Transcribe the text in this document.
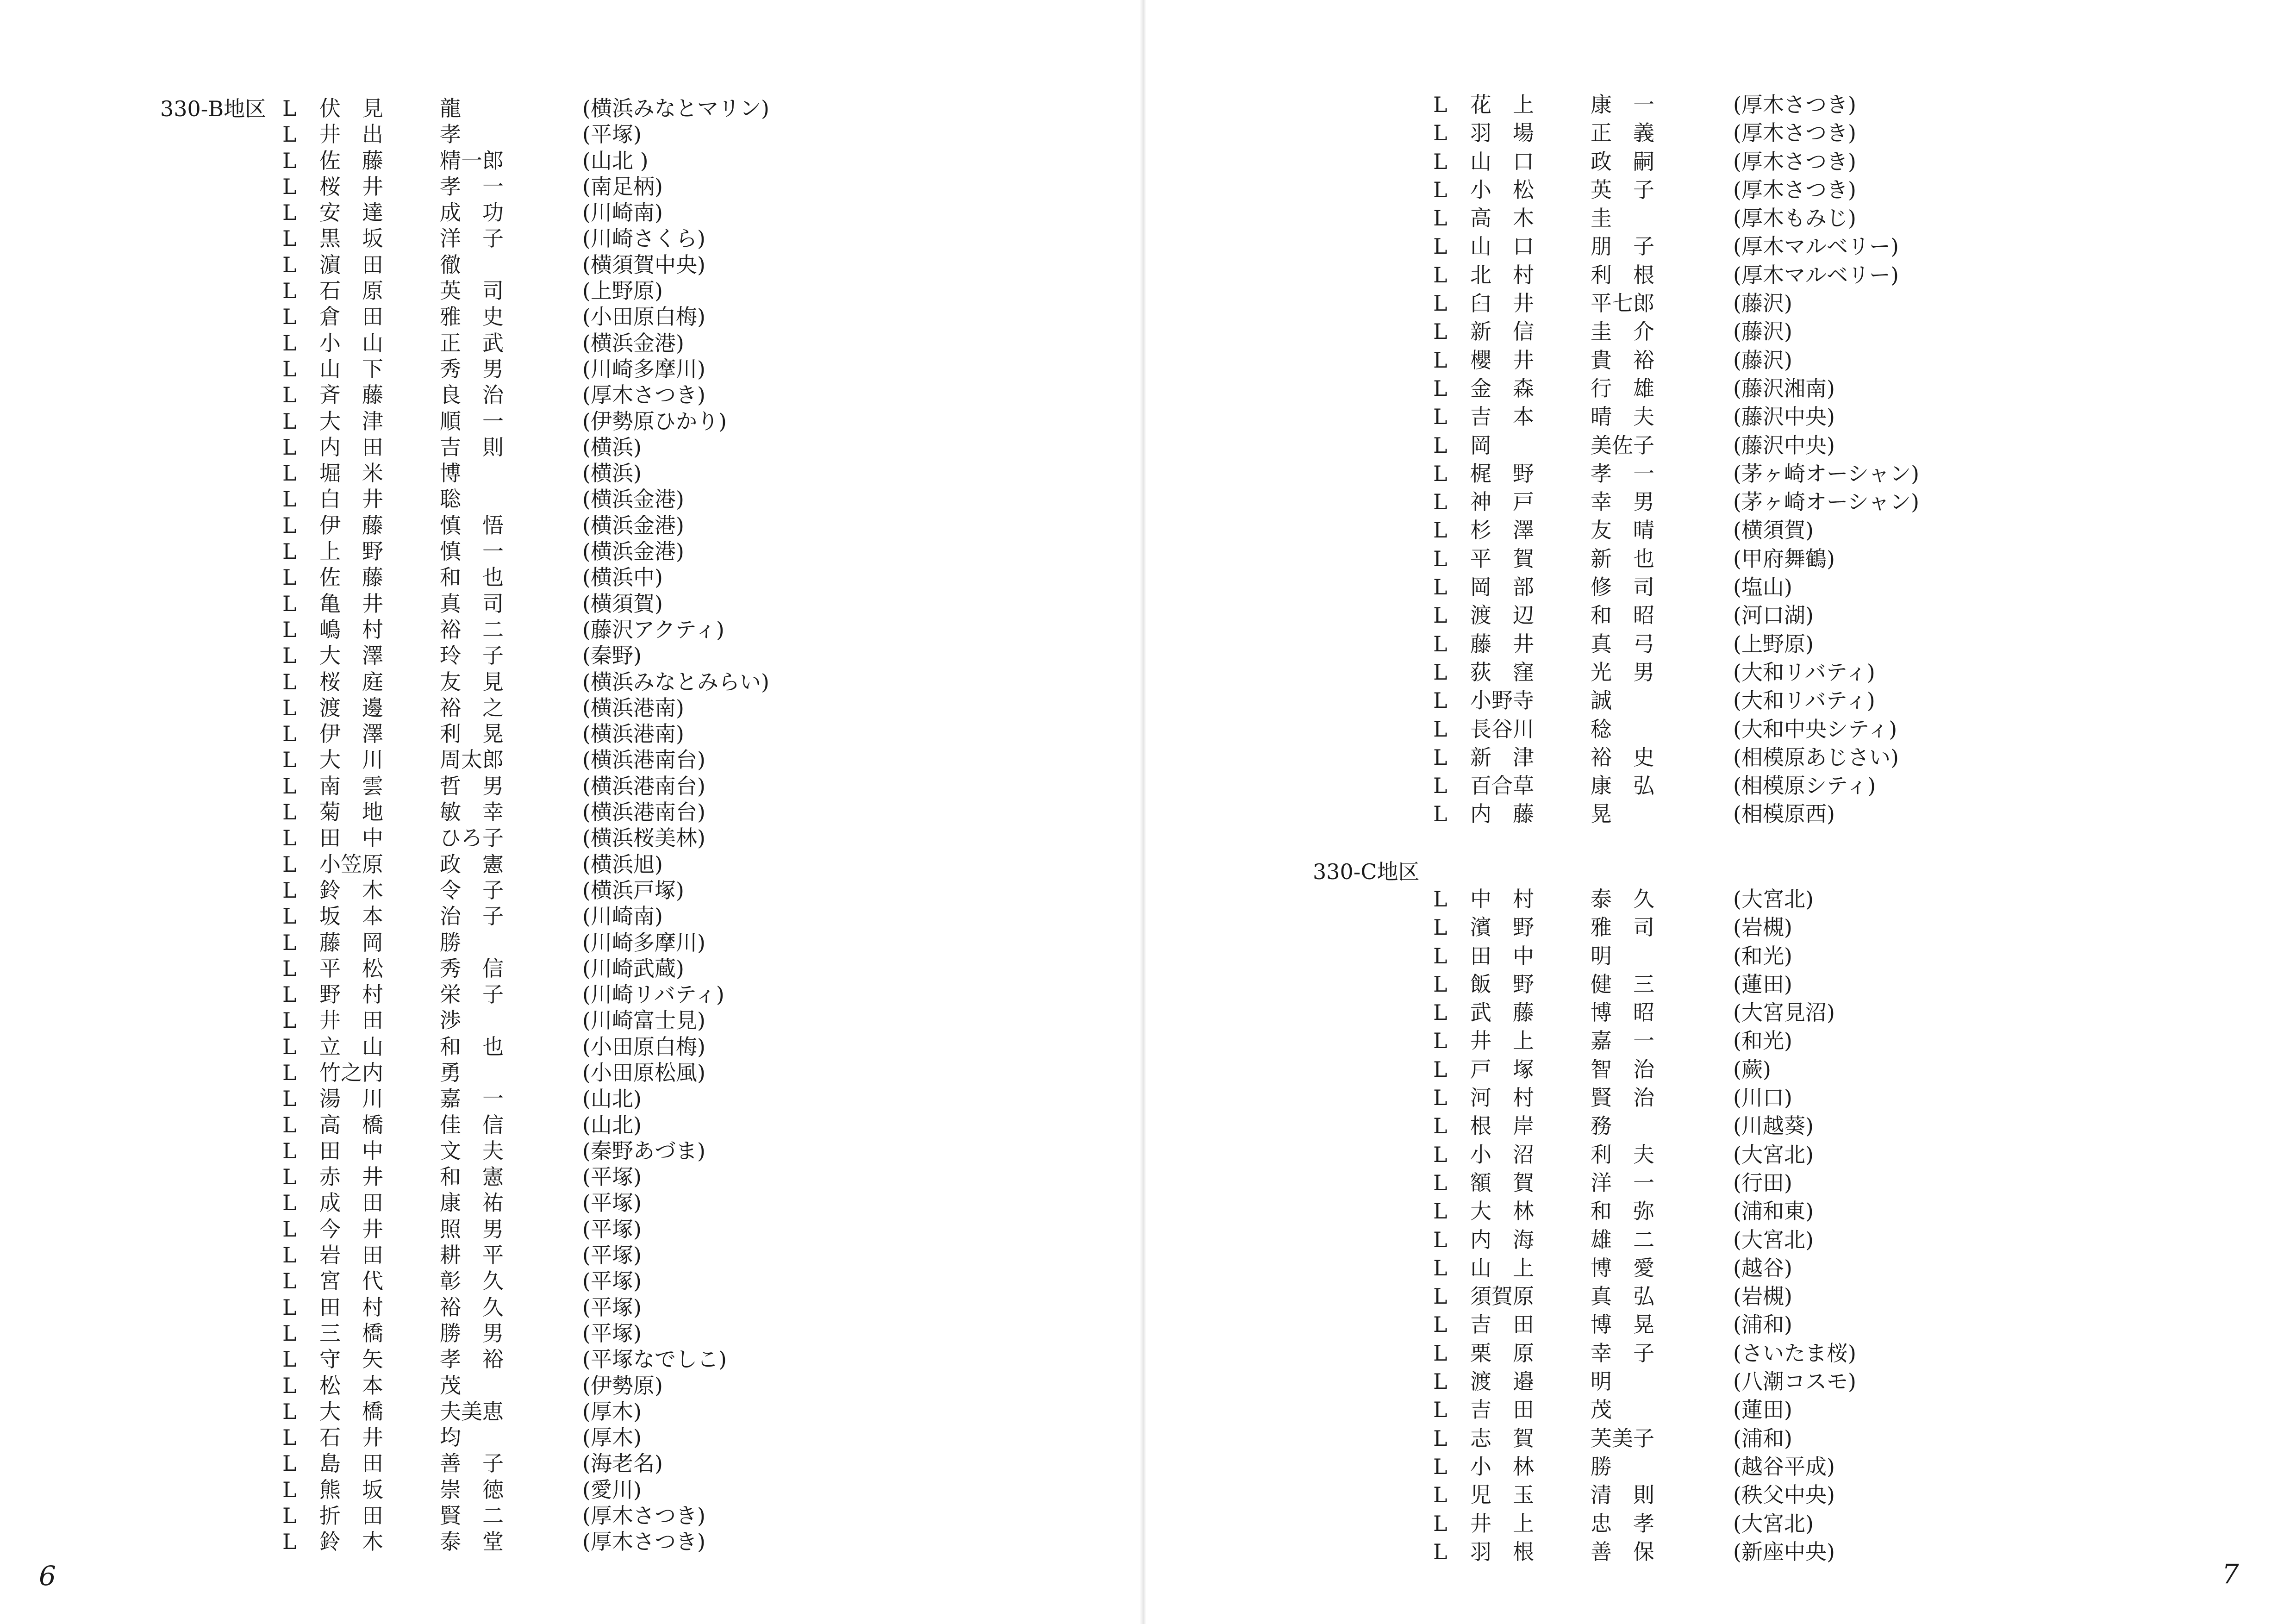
330-B地区 L 伏　見	龍	(横浜みなとマリン)
L 井　出	孝	(平塚)
L 佐　藤	精一郎	(山北 )
L 桜　井	孝　一	(南足柄)
L 安　達	成　功	(川崎南)
L 黒　坂	洋　子	(川崎さくら)
L 濵　田	徹	(横須賀中央)
L 石　原	英　司	(上野原)
L 倉　田	雅　史	(小田原白梅)
L 小　山	正　武	(横浜金港)
L 山　下	秀　男	(川崎多摩川)
L 斉　藤	良　治	(厚木さつき)
L 大　津	順　一	(伊勢原ひかり)
L 内　田	吉　則	(横浜)
L 堀　米	博	(横浜)
L 白　井	聡	(横浜金港)
L 伊　藤	慎　悟	(横浜金港)
L 上　野	慎　一	(横浜金港)
L 佐　藤	和　也	(横浜中)
L 亀　井	真　司	(横須賀)
L 嶋　村	裕　二	(藤沢アクティ)
L 大　澤	玲　子	(秦野)
L 桜　庭	友　見	(横浜みなとみらい)
L 渡　邊	裕　之	(横浜港南)
L 伊　澤	利　晃	(横浜港南)
L 大　川	周太郎	(横浜港南台)
L 南　雲	哲　男	(横浜港南台)
L 菊　地	敏　幸	(横浜港南台)
L 田　中	ひろ子	(横浜桜美林)
L 小笠原	政　憲	(横浜旭)
L 鈴　木	令　子	(横浜戸塚)
L 坂　本	治　子	(川崎南)
L 藤　岡	勝	(川崎多摩川)
L 平　松	秀　信	(川崎武蔵)
L 野　村	栄　子	(川崎リバティ)
L 井　田	渉	(川崎富士見)
L 立　山	和　也	(小田原白梅)
L 竹之内	勇	(小田原松風)
L 湯　川	嘉　一	(山北)
L 高　橋	佳　信	(山北)
L 田　中	文　夫	(秦野あづま)
L 赤　井	和　憲	(平塚)
L 成　田	康　祐	(平塚)
L 今　井	照　男	(平塚)
L 岩　田	耕　平	(平塚)
L 宮　代	彰　久	(平塚)
L 田　村	裕　久	(平塚)
L 三　橋	勝　男	(平塚)
L 守　矢	孝　裕	(平塚なでしこ)
L 松　本	茂	(伊勢原)
L 大　橋	夫美恵	(厚木)
L 石　井	均	(厚木)
L 島　田	善　子	(海老名)
L 熊　坂	崇　徳	(愛川)
L 折　田	賢　二	(厚木さつき)
L 鈴　木	泰　堂	(厚木さつき)
6
L 花　上	康　一	(厚木さつき)
L 羽　場	正　義	(厚木さつき)
L 山　口	政　嗣	(厚木さつき)
L 小　松	英　子	(厚木さつき)
L 高　木	圭	(厚木もみじ)
L 山　口	朋　子	(厚木マルベリー)
L 北　村	利　根	(厚木マルベリー)
L 臼　井	平七郎	(藤沢)
L 新　信	圭　介	(藤沢)
L 櫻　井	貴　裕	(藤沢)
L 金　森	行　雄	(藤沢湘南)
L 吉　本	晴　夫	(藤沢中央)
L 岡	美佐子	(藤沢中央)
L 梶　野	孝　一	(茅ヶ崎オーシャン)
L 神　戸	幸　男	(茅ヶ崎オーシャン)
L 杉　澤	友　晴	(横須賀)
L 平　賀	新　也	(甲府舞鶴)
L 岡　部	修　司	(塩山)
L 渡　辺	和　昭	(河口湖)
L 藤　井	真　弓	(上野原)
L 荻　窪	光　男	(大和リバティ)
L 小野寺	誠	(大和リバティ)
L 長谷川	稔	(大和中央シティ)
L 新　津	裕　史	(相模原あじさい)
L 百合草	康　弘	(相模原シティ)
L 内　藤	晃	(相模原西)
330-C地区
L 中　村	泰　久	(大宮北)
L 濱　野	雅　司	(岩槻)
L 田　中	明	(和光)
L 飯　野	健　三	(蓮田)
L 武　藤	博　昭	(大宮見沼)
L 井　上	嘉　一	(和光)
L 戸　塚	智　治	(蕨)
L 河　村	賢　治	(川口)
L 根　岸	務	(川越葵)
L 小　沼	利　夫	(大宮北)
L 額　賀	洋　一	(行田)
L 大　林	和　弥	(浦和東)
L 内　海	雄　二	(大宮北)
L 山　上	博　愛	(越谷)
L 須賀原	真　弘	(岩槻)
L 吉　田	博　晃	(浦和)
L 栗　原	幸　子	(さいたま桜)
L 渡　邉	明	(八潮コスモ)
L 吉　田	茂	(蓮田)
L 志　賀	芙美子	(浦和)
L 小　林	勝	(越谷平成)
L 児　玉	清　則	(秩父中央)
L 井　上	忠　孝	(大宮北)
L 羽　根	善　保	(新座中央)
7
